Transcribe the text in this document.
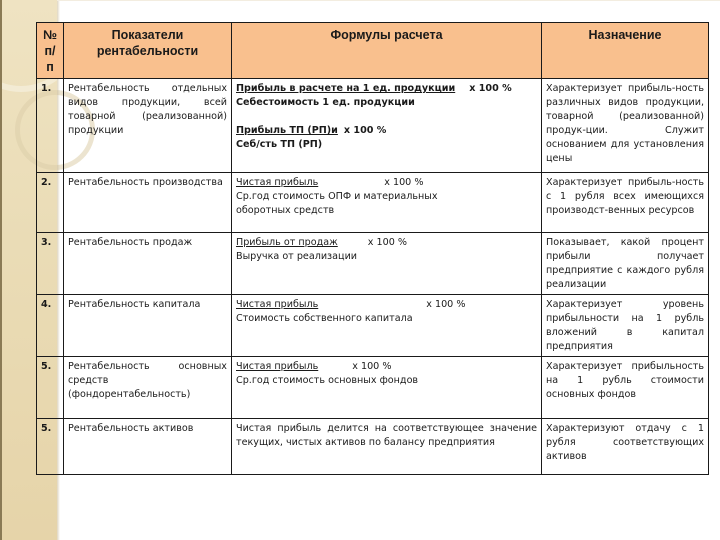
№ п/ п	Показатели рентабельности	Формулы расчета	Назначение
1.	Рентабельность отдельных видов продукции, всей товарной (реализованной) продукции	Прибыль в расчете на 1 ед. продукции х 100 %
Себестоимость 1 ед. продукции
Прибыль ТП (РП)и х 100 %
Себ/сть ТП (РП)	Характеризует прибыль-ность различных видов продукции, товарной (реализованной) продук-ции. Служит основанием для установления цены
2.	Рентабельность производства	Чистая прибыль х 100 %
Ср.год стоимость ОПФ и материальных оборотных средств	Характеризует прибыль-ность с 1 рубля всех имеющихся производст-венных ресурсов
3.	Рентабельность продаж	Прибыль от продаж х 100 %
Выручка от реализации	Показывает, какой процент прибыли получает предприятие с каждого рубля реализации
4.	Рентабельность капитала	Чистая прибыль х 100 %
Стоимость собственного капитала	Характеризует уровень прибыльности на 1 рубль вложений в капитал предприятия
5.	Рентабельность основных средств (фондорентабельность)	Чистая прибыль х 100 %
Ср.год стоимость основных фондов	Характеризует прибыльность на 1 рубль стоимости основных фондов
5.	Рентабельность активов	Чистая прибыль делится на соответствующее значение текущих, чистых активов по балансу предприятия	Характеризуют отдачу с 1 рубля соответствующих активов
